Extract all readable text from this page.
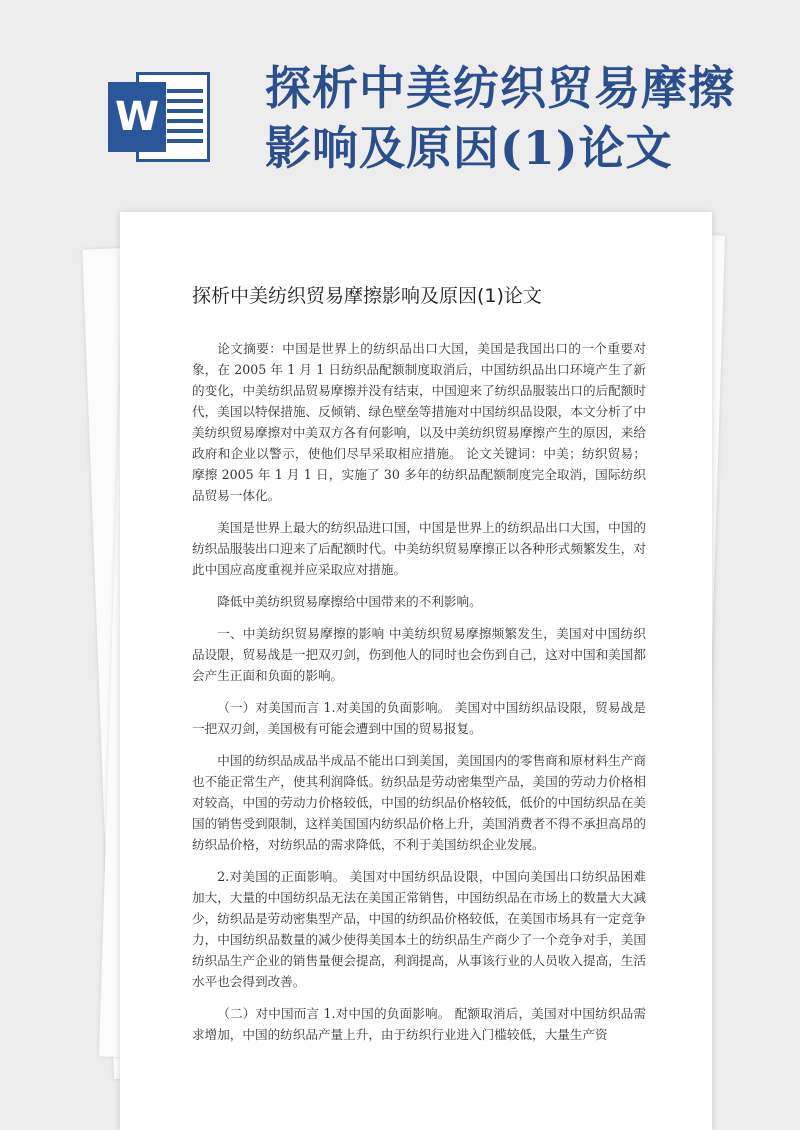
W
探析中美纺织贸易摩擦
影响及原因(1)论文
探析中美纺织贸易摩擦影响及原因(1)论文

论文摘要：中国是世界上的纺织品出口大国，美国是我国出口的一个重要对象，在 2005 年 1 月 1 日纺织品配额制度取消后，中国纺织品出口环境产生了新的变化，中美纺织品贸易摩擦并没有结束，中国迎来了纺织品服装出口的后配额时代，美国以特保措施、反倾销、绿色壁垒等措施对中国纺织品设限，本文分析了中美纺织贸易摩擦对中美双方各有何影响，以及中美纺织贸易摩擦产生的原因，来给政府和企业以警示，使他们尽早采取相应措施。 论文关键词：中美；纺织贸易；摩擦 2005 年 1 月 1 日，实施了 30 多年的纺织品配额制度完全取消，国际纺织品贸易一体化。

美国是世界上最大的纺织品进口国，中国是世界上的纺织品出口大国，中国的纺织品服装出口迎来了后配额时代。中美纺织贸易摩擦正以各种形式频繁发生，对此中国应高度重视并应采取应对措施。

降低中美纺织贸易摩擦给中国带来的不利影响。

一、中美纺织贸易摩擦的影响 中美纺织贸易摩擦频繁发生，美国对中国纺织品设限，贸易战是一把双刃剑，伤到他人的同时也会伤到自己，这对中国和美国都会产生正面和负面的影响。

（一）对美国而言 1.对美国的负面影响。 美国对中国纺织品设限，贸易战是一把双刃剑，美国极有可能会遭到中国的贸易报复。

中国的纺织品成品半成品不能出口到美国，美国国内的零售商和原材料生产商也不能正常生产，使其利润降低。纺织品是劳动密集型产品，美国的劳动力价格相对较高，中国的劳动力价格较低，中国的纺织品价格较低，低价的中国纺织品在美国的销售受到限制，这样美国国内纺织品价格上升，美国消费者不得不承担高昂的纺织品价格，对纺织品的需求降低，不利于美国纺织企业发展。

2.对美国的正面影响。 美国对中国纺织品设限，中国向美国出口纺织品困难加大，大量的中国纺织品无法在美国正常销售，中国纺织品在市场上的数量大大减少，纺织品是劳动密集型产品，中国的纺织品价格较低，在美国市场具有一定竞争力，中国纺织品数量的减少使得美国本土的纺织品生产商少了一个竞争对手，美国纺织品生产企业的销售量便会提高，利润提高，从事该行业的人员收入提高，生活水平也会得到改善。

（二）对中国而言 1.对中国的负面影响。 配额取消后，美国对中国纺织品需求增加，中国的纺织品产量上升，由于纺织行业进入门槛较低，大量生产资
